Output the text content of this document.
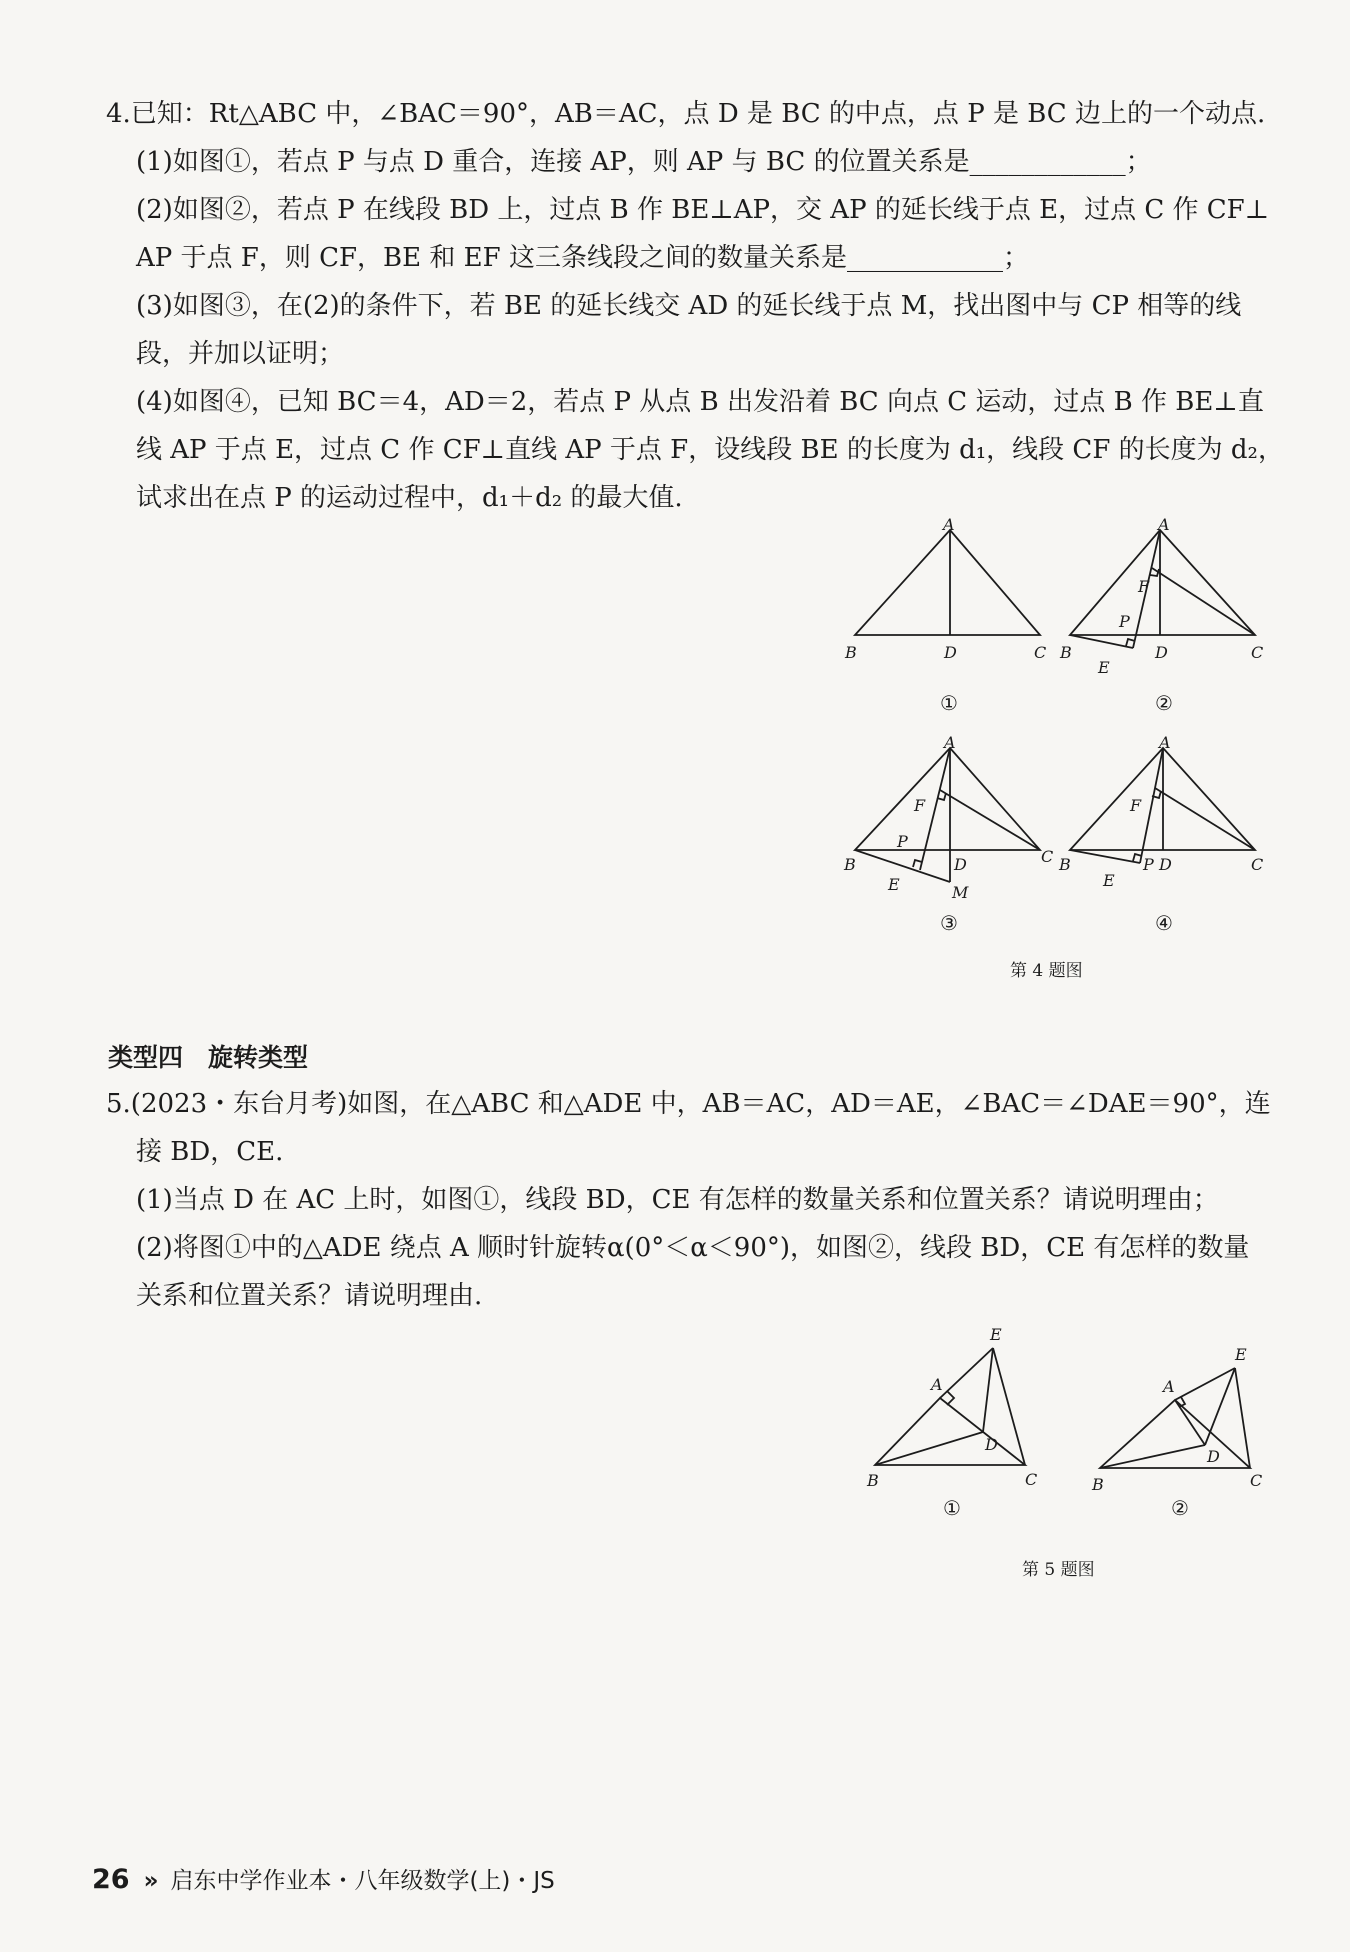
4.已知：Rt△ABC 中，∠BAC＝90°，AB＝AC，点 D 是 BC 的中点，点 P 是 BC 边上的一个动点.
(1)如图①，若点 P 与点 D 重合，连接 AP，则 AP 与 BC 的位置关系是____________；
(2)如图②，若点 P 在线段 BD 上，过点 B 作 BE⊥AP，交 AP 的延长线于点 E，过点 C 作 CF⊥
AP 于点 F，则 CF，BE 和 EF 这三条线段之间的数量关系是____________；
(3)如图③，在(2)的条件下，若 BE 的延长线交 AD 的延长线于点 M，找出图中与 CP 相等的线
段，并加以证明；
(4)如图④，已知 BC＝4，AD＝2，若点 P 从点 B 出发沿着 BC 向点 C 运动，过点 B 作 BE⊥直
线 AP 于点 E，过点 C 作 CF⊥直线 AP 于点 F，设线段 BE 的长度为 d₁，线段 CF 的长度为 d₂，
试求出在点 P 的运动过程中，d₁＋d₂ 的最大值.
A
B	D	C
①
A
F
P
B	D	C
E
②
A
F
P
B	D	C
E	M
③
A
F
P
B	D	C
E
④
第 4 题图
类型四　旋转类型
5.(2023・东台月考)如图，在△ABC 和△ADE 中，AB＝AC，AD＝AE，∠BAC＝∠DAE＝90°，连
接 BD，CE.
(1)当点 D 在 AC 上时，如图①，线段 BD，CE 有怎样的数量关系和位置关系？请说明理由；
(2)将图①中的△ADE 绕点 A 顺时针旋转α(0°＜α＜90°)，如图②，线段 BD，CE 有怎样的数量
关系和位置关系？请说明理由.
A
E
D
B	C
①
A
E
D
B	C
②
第 5 题图
26 » 启东中学作业本・八年级数学(上)・JS
